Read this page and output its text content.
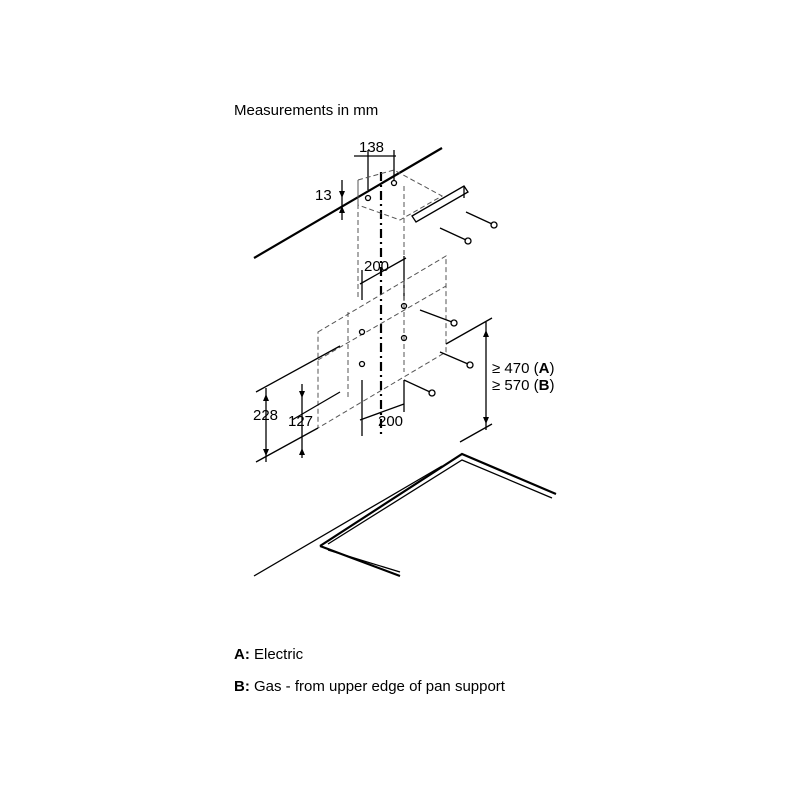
Measurements in mm
138
13
200
200
228 127
≥ 470 (A)
≥ 570 (B)
A: Electric
B: Gas - from upper edge of pan support
